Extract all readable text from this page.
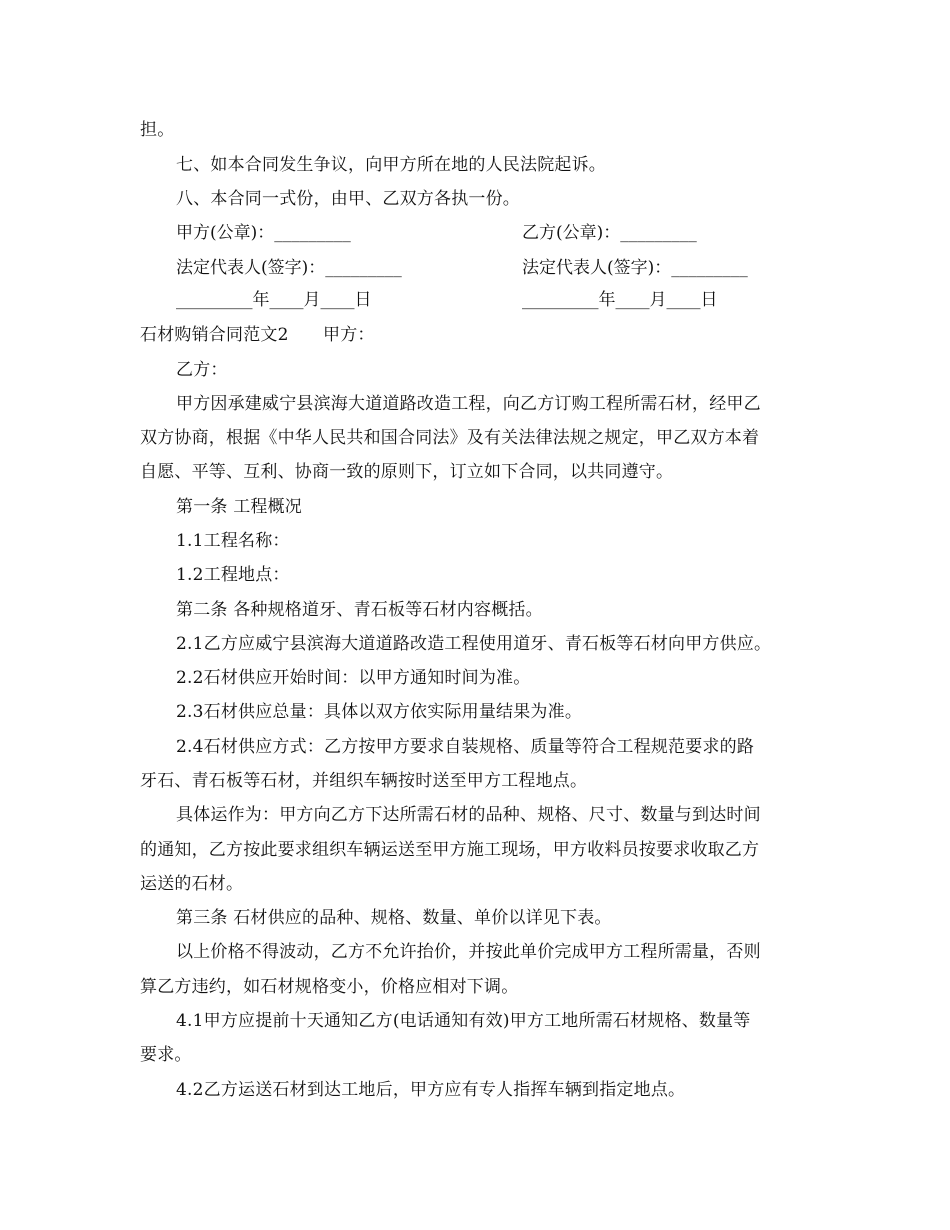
担。
七、如本合同发生争议，向甲方所在地的人民法院起诉。
八、本合同一式份，由甲、乙双方各执一份。
甲方(公章)：_________	乙方(公章)：_________
法定代表人(签字)：_________	法定代表人(签字)：_________
_________年____月____日	_________年____月____日
石材购销合同范文2　　甲方：
乙方：
甲方因承建威宁县滨海大道道路改造工程，向乙方订购工程所需石材，经甲乙
双方协商，根据《中华人民共和国合同法》及有关法律法规之规定，甲乙双方本着
自愿、平等、互利、协商一致的原则下，订立如下合同，以共同遵守。
第一条 工程概况
1.1工程名称：
1.2工程地点：
第二条 各种规格道牙、青石板等石材内容概括。
2.1乙方应威宁县滨海大道道路改造工程使用道牙、青石板等石材向甲方供应。
2.2石材供应开始时间：以甲方通知时间为准。
2.3石材供应总量：具体以双方依实际用量结果为准。
2.4石材供应方式：乙方按甲方要求自装规格、质量等符合工程规范要求的路
牙石、青石板等石材，并组织车辆按时送至甲方工程地点。
具体运作为：甲方向乙方下达所需石材的品种、规格、尺寸、数量与到达时间
的通知，乙方按此要求组织车辆运送至甲方施工现场，甲方收料员按要求收取乙方
运送的石材。
第三条 石材供应的品种、规格、数量、单价以详见下表。
以上价格不得波动，乙方不允许抬价，并按此单价完成甲方工程所需量，否则
算乙方违约，如石材规格变小，价格应相对下调。
4.1甲方应提前十天通知乙方(电话通知有效)甲方工地所需石材规格、数量等
要求。
4.2乙方运送石材到达工地后，甲方应有专人指挥车辆到指定地点。
